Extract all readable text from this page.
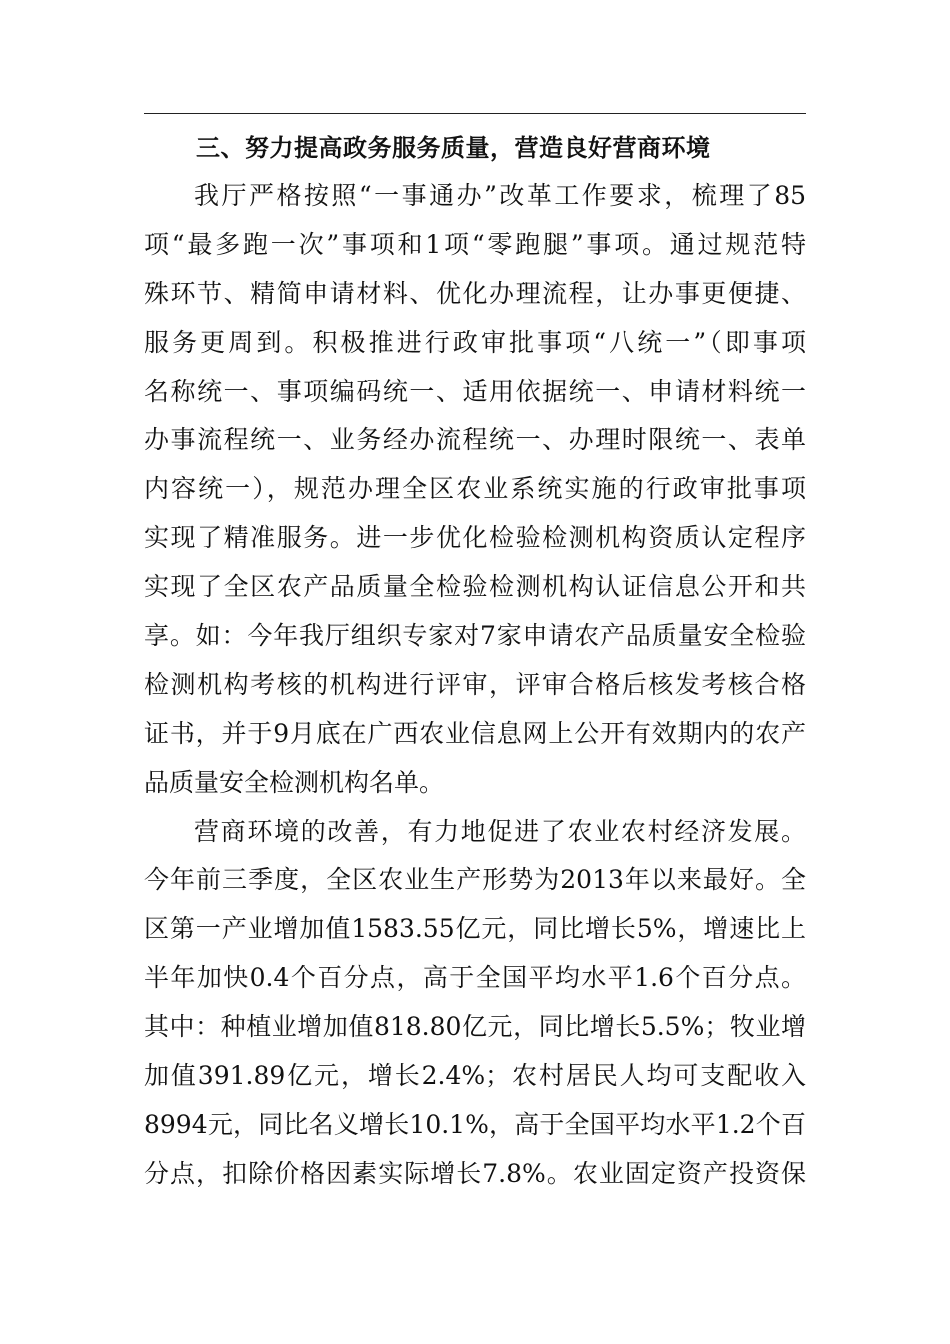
三、努力提高政务服务质量，营造良好营商环境
我厅严格按照“一事通办”改革工作要求，梳理了85
项“最多跑一次”事项和1项“零跑腿”事项。通过规范特
殊环节、精简申请材料、优化办理流程，让办事更便捷、
服务更周到。积极推进行政审批事项“八统一”（即事项
名称统一、事项编码统一、适用依据统一、申请材料统一
办事流程统一、业务经办流程统一、办理时限统一、表单
内容统一），规范办理全区农业系统实施的行政审批事项
实现了精准服务。进一步优化检验检测机构资质认定程序
实现了全区农产品质量全检验检测机构认证信息公开和共
享。如：今年我厅组织专家对7家申请农产品质量安全检验
检测机构考核的机构进行评审，评审合格后核发考核合格
证书，并于9月底在广西农业信息网上公开有效期内的农产
品质量安全检测机构名单。
营商环境的改善，有力地促进了农业农村经济发展。
今年前三季度，全区农业生产形势为2013年以来最好。全
区第一产业增加值1583.55亿元，同比增长5%，增速比上
半年加快0.4个百分点，高于全国平均水平1.6个百分点。
其中：种植业增加值818.80亿元，同比增长5.5%；牧业增
加值391.89亿元，增长2.4%；农村居民人均可支配收入
8994元，同比名义增长10.1%，高于全国平均水平1.2个百
分点，扣除价格因素实际增长7.8%。农业固定资产投资保
